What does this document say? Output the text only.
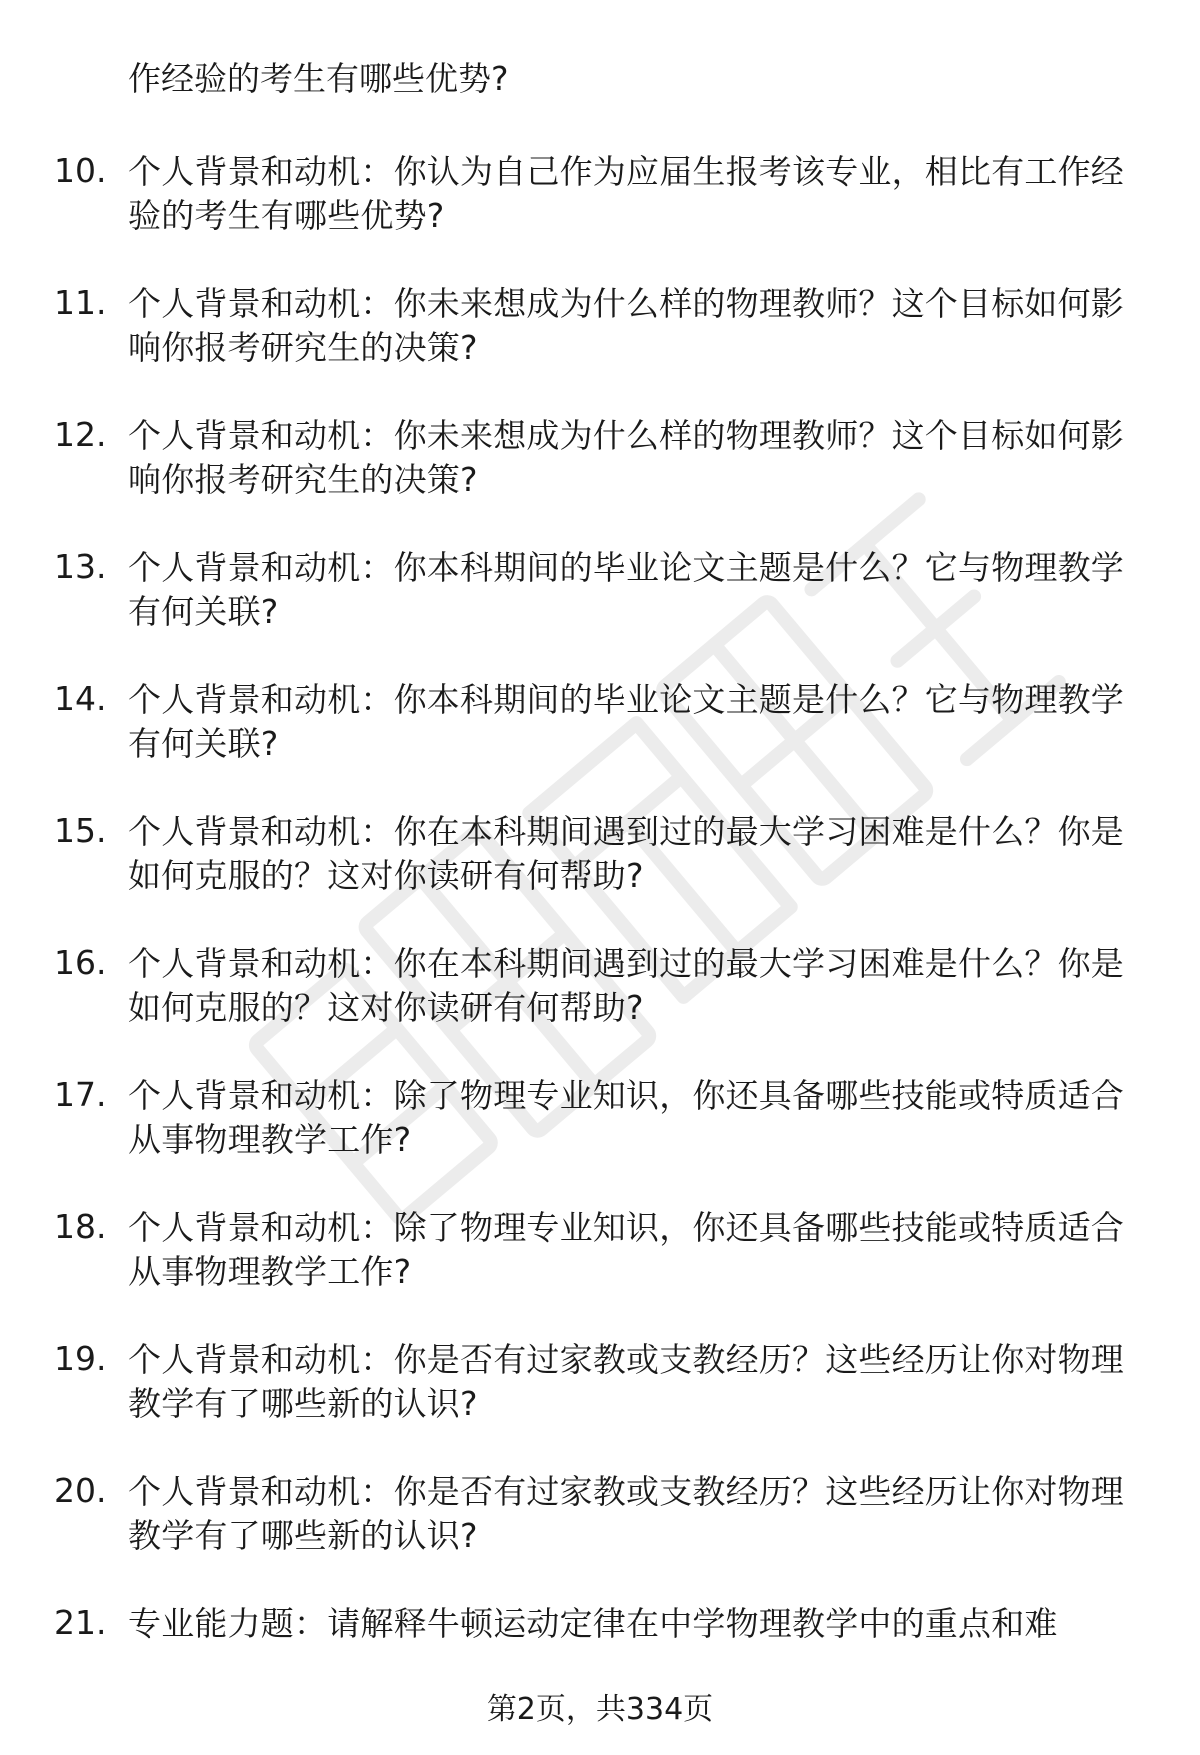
作经验的考生有哪些优势?
10. 个人背景和动机：你认为自己作为应届生报考该专业，相比有工作经验的考生有哪些优势?
11. 个人背景和动机：你未来想成为什么样的物理教师？这个目标如何影响你报考研究生的决策?
12. 个人背景和动机：你未来想成为什么样的物理教师？这个目标如何影响你报考研究生的决策?
13. 个人背景和动机：你本科期间的毕业论文主题是什么？它与物理教学有何关联?
14. 个人背景和动机：你本科期间的毕业论文主题是什么？它与物理教学有何关联?
15. 个人背景和动机：你在本科期间遇到过的最大学习困难是什么？你是如何克服的？这对你读研有何帮助?
16. 个人背景和动机：你在本科期间遇到过的最大学习困难是什么？你是如何克服的？这对你读研有何帮助?
17. 个人背景和动机：除了物理专业知识，你还具备哪些技能或特质适合从事物理教学工作?
18. 个人背景和动机：除了物理专业知识，你还具备哪些技能或特质适合从事物理教学工作?
19. 个人背景和动机：你是否有过家教或支教经历？这些经历让你对物理教学有了哪些新的认识?
20. 个人背景和动机：你是否有过家教或支教经历？这些经历让你对物理教学有了哪些新的认识?
21. 专业能力题：请解释牛顿运动定律在中学物理教学中的重点和难
第2页，共334页
